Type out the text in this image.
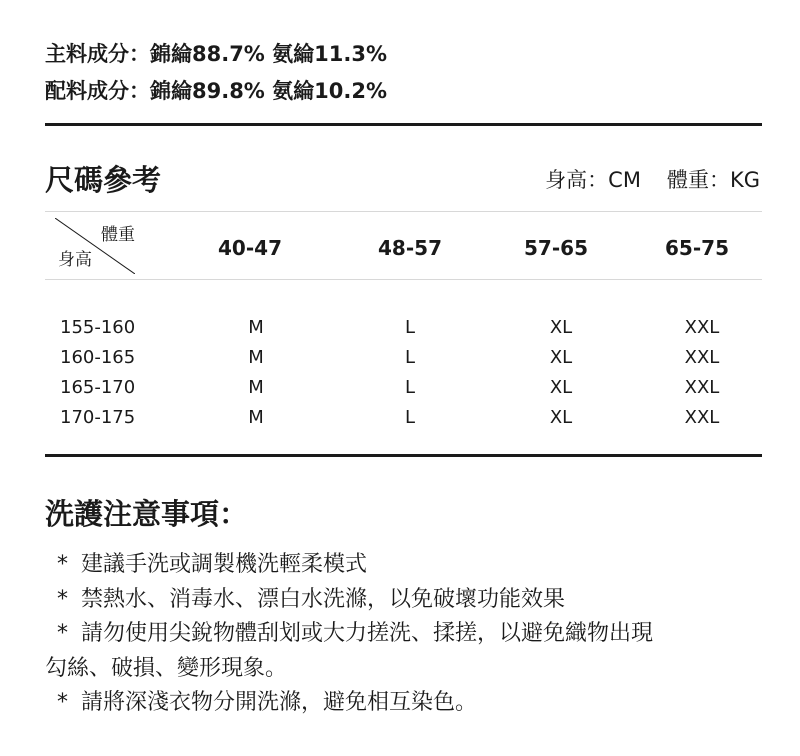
主料成分：錦綸88.7% 氨綸11.3%
配料成分：錦綸89.8% 氨綸10.2%
尺碼參考	身高：CM 體重：KG
體重
身高	40-47	48-57	57-65	65-75
155-160	M	L	XL	XXL
160-165	M	L	XL	XXL
165-170	M	L	XL	XXL
170-175	M	L	XL	XXL
洗護注意事項：
* 建議手洗或調製機洗輕柔模式
* 禁熱水、消毒水、漂白水洗滌，以免破壞功能效果
* 請勿使用尖銳物體刮划或大力搓洗、揉搓，以避免織物出現
勾絲、破損、變形現象。
* 請將深淺衣物分開洗滌，避免相互染色。
